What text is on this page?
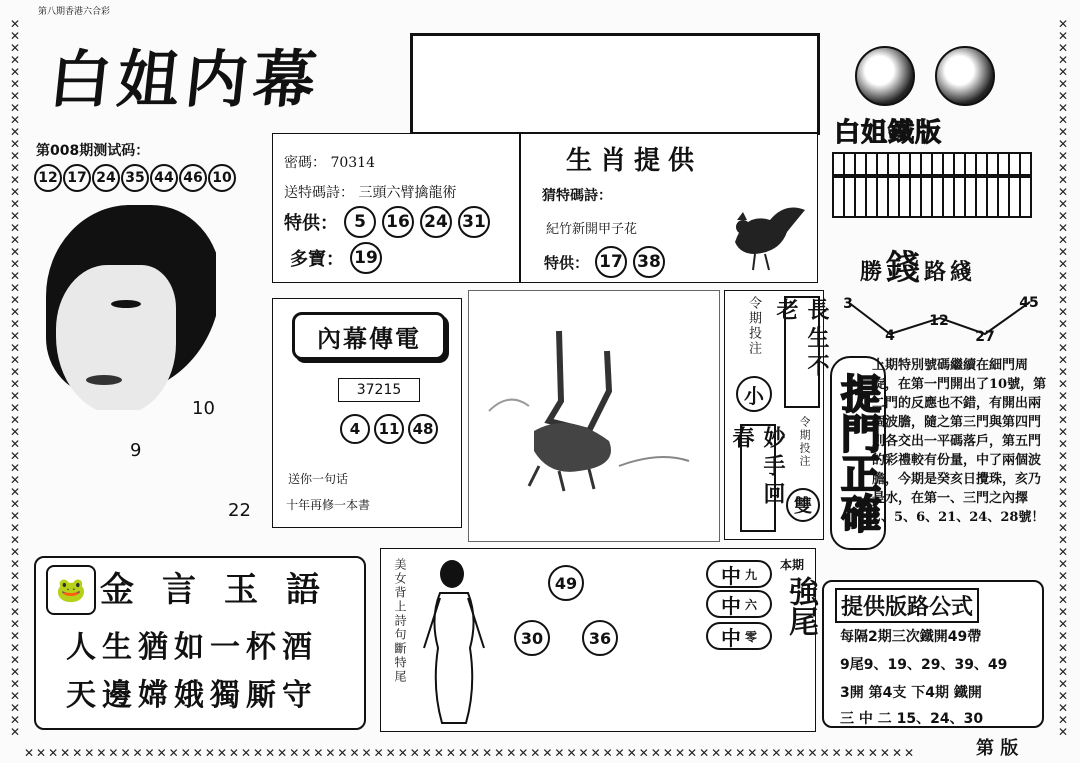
✕✕✕✕✕✕✕✕✕✕✕✕✕✕✕✕✕✕✕✕✕✕✕✕✕✕✕✕✕✕✕✕✕✕✕✕✕✕✕✕✕✕✕✕✕✕✕✕✕✕✕✕✕✕✕✕✕✕✕✕
✕✕✕✕✕✕✕✕✕✕✕✕✕✕✕✕✕✕✕✕✕✕✕✕✕✕✕✕✕✕✕✕✕✕✕✕✕✕✕✕✕✕✕✕✕✕✕✕✕✕✕✕✕✕✕✕✕✕✕✕
✕✕✕✕✕✕✕✕✕✕✕✕✕✕✕✕✕✕✕✕✕✕✕✕✕✕✕✕✕✕✕✕✕✕✕✕✕✕✕✕✕✕✕✕✕✕✕✕✕✕✕✕✕✕✕✕✕✕✕✕✕✕✕✕✕✕✕✕✕✕✕✕✕✕
第八期香港六合彩
白姐内幕
白姐鐵版
第008期测试码：
12 17 24 35 44 46 10
10
9
22
密碼： 70314
送特碼詩： 三頭六臂擒龍術
特供： 5	16 24 31
多寶： 19
生肖提供
猜特碼詩：
紀竹新開甲子花
特供： 17 38
內幕傳電
37215
4	11 48
送你一句话
十年再修一本書
令期投注
小
長生不老
妙手回春	令期投注
雙
勝錢路綫
3
4
12
27
45
提門正確
上期特別號碼繼續在細門周旋，在第一門開出了10號，第二門的反應也不錯，有開出兩個波膽，隨之第三門與第四門則各交出一平碼落戶，第五門的彩禮較有份量，中了兩個波膽，今期是癸亥日攪珠，亥乃是水，在第一、三門之內擇2、5、6、21、24、28號！
🐸 金言玉語
人生猶如一杯酒
天邊嫦娥獨厮守
美女背上詩句斷特尾	49
30	36
中 九
中 六
中 零
本期
強尾 提供版路公式
每隔2期三次鐵開49帶
9尾9、19、29、39、49
3開 第4支 下4期 鐵開
三 中 二 15、24、30
第 版
